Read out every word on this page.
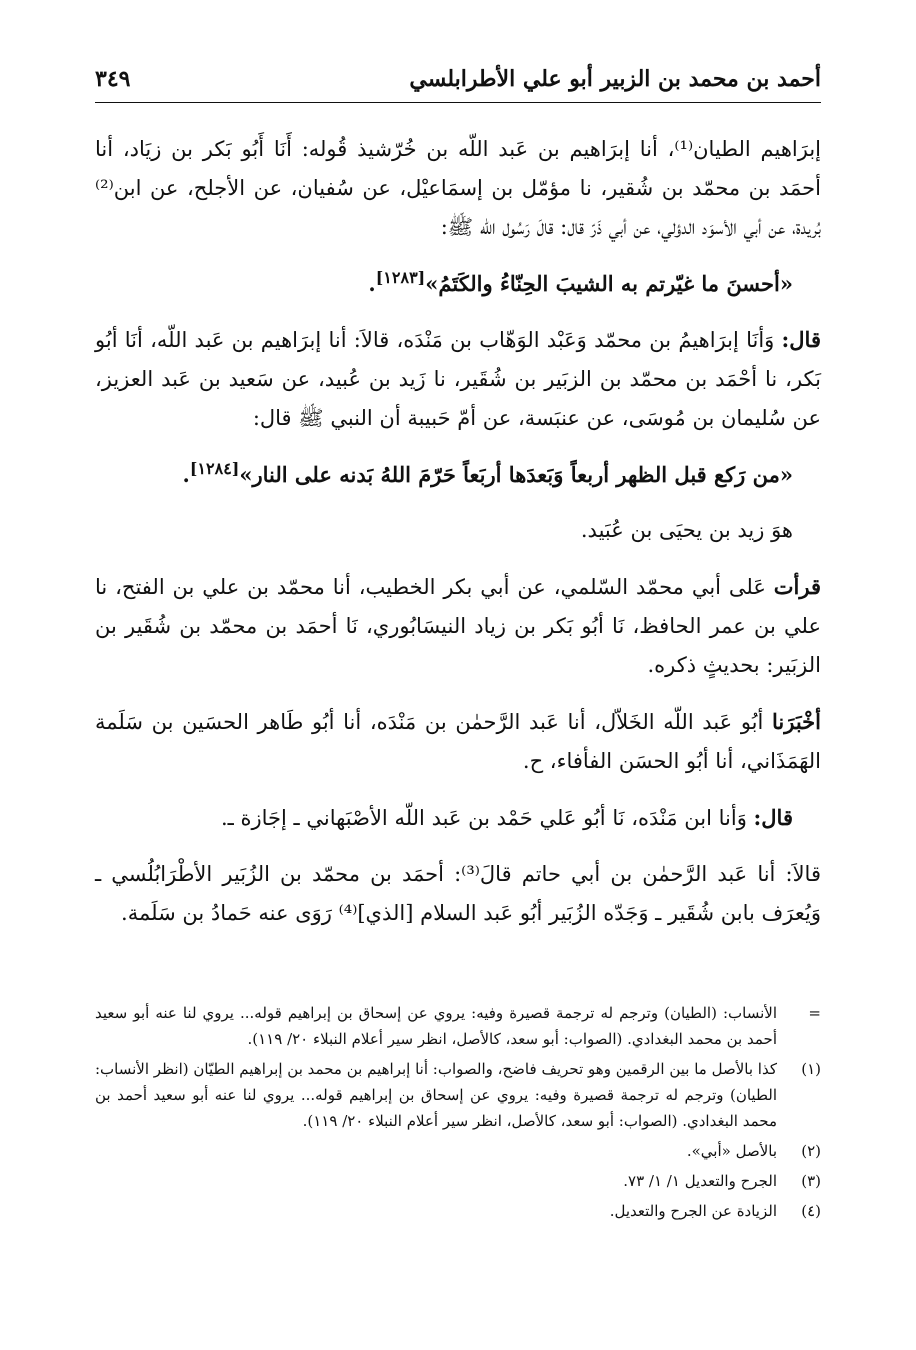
أحمد بن محمد بن الزبير أبو علي الأطرابلسي
٣٤٩

إبرَاهيم الطيان⁽¹⁾، أنا إبرَاهيم بن عَبد اللّه بن خُرّشيذ قُوله: أَنَا أَبُو بَكر بن زيَاد، أنا أحمَد بن محمّد بن شُقير، نا مؤمّل بن إسمَاعيْل، عن سُفيان، عن الأجلح، عن ابن⁽²⁾ بُريدة، عن أبي الأسوَد الدؤلي، عن أبي ذَرّ قال: قالَ رَسُول الله ﷺ:

«أحسنَ ما غيّرتم به الشيبَ الحِنّاءُ والكَتَمُ»[١٢٨٣].

قال: وَأنَا إبرَاهيمُ بن محمّد وَعَبْد الوَهّاب بن مَنْدَه، قالاَ: أنا إبرَاهيم بن عَبد اللّه، أنَا أبُو بَكر، نا أحْمَد بن محمّد بن الزبَير بن شُقَير، نا زَيد بن عُبيد، عن سَعيد بن عَبد العزيز، عن سُليمان بن مُوسَى، عن عنبَسة، عن أمّ حَبيبة أن النبي ﷺ قال:

«من رَكع قبل الظهر أربعاً وَبَعدَها أربَعاً حَرّمَ اللهُ بَدنه على النار»[١٢٨٤].

هوَ زيد بن يحيَى بن عُبَيد.

قرأت عَلى أبي محمّد السّلمي، عن أبي بكر الخطيب، أنا محمّد بن علي بن الفتح، نا علي بن عمر الحافظ، نَا أبُو بَكر بن زياد النيسَابُوري، نَا أحمَد بن محمّد بن شُقَير بن الزبَير: بحديثٍ ذكره.

أخْبَرَنا أبُو عَبد اللّه الخَلاّل، أنا عَبد الرَّحمٰن بن مَنْدَه، أنا أبُو طَاهر الحسَين بن سَلَمة الهَمَذَاني، أنا أبُو الحسَن الفأفاء، ح.

قال: وَأنا ابن مَنْدَه، نَا أبُو عَلي حَمْد بن عَبد اللّه الأصْبَهاني ـ إجَازة ـ.

قالاَ: أنا عَبد الرَّحمٰن بن أبي حاتم قالَ⁽³⁾: أحمَد بن محمّد بن الزُبَير الأطْرَابُلُسي ـ وَيُعرَف بابن شُقَير ـ وَجَدّه الزُبَير أبُو عَبد السلام [الذي]⁽⁴⁾ رَوَى عنه حَمادُ بن سَلَمة.

=
الأنساب: (الطيان) وترجم له ترجمة قصيرة وفيه: يروي عن إسحاق بن إبراهيم قوله... يروي لنا عنه أبو سعيد أحمد بن محمد البغدادي. (الصواب: أبو سعد، كالأصل، انظر سير أعلام النبلاء ٢٠/ ١١٩).
(١)
كذا بالأصل ما بين الرقمين وهو تحريف فاضح، والصواب: أنا إبراهيم بن محمد بن إبراهيم الطيّان (انظر الأنساب: الطيان) وترجم له ترجمة قصيرة وفيه: يروي عن إسحاق بن إبراهيم قوله... يروي لنا عنه أبو سعيد أحمد بن محمد البغدادي. (الصواب: أبو سعد، كالأصل، انظر سير أعلام النبلاء ٢٠/ ١١٩).
(٢)
بالأصل «أبي».
(٣)
الجرح والتعديل ١/ ١/ ٧٣.
(٤)
الزيادة عن الجرح والتعديل.
